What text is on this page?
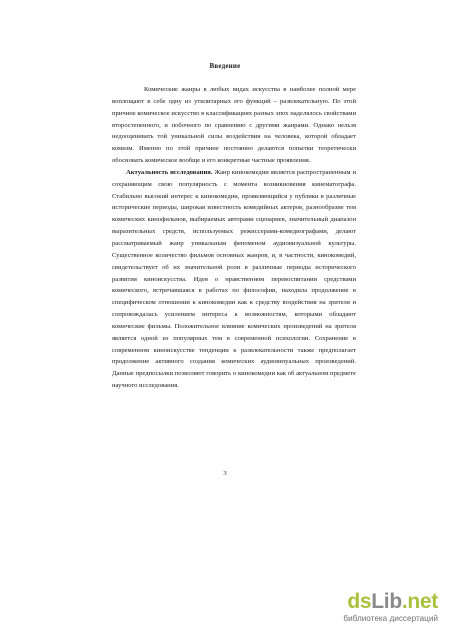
Введение

Комические жанры в любых видах искусства в наиболее полной мере воплощают в себе одну из утилитарных его функций – развлекательную. По этой причине комическое искусство в классификациях разных эпох наделялось свойствами второстепенного, и побочного по сравнению с другими жанрами. Однако нельзя недооценивать той уникальной силы воздействия на человека, которой обладает комизм. Именно по этой причине постоянно делаются попытки теоретически обосновать комическое вообще и его конкретные частные проявления.

Актуальность исследования. Жанр кинокомедии является распространенным и сохраняющим свою популярность с момента возникновения кинематографа. Стабильно высокий интерес к кинокомедии, проявляющийся у публики в различные исторические периоды, широкая известность комедийных актеров, разнообразие тем комических кинофильмов, выбираемых авторами сценариев, значительный диапазон выразительных средств, используемых режиссерами-комедиографами, делают рассматриваемый жанр уникальным феноменом аудиовизуальной культуры. Существенное количество фильмов основных жанров, и, в частности, кинокомедий, свидетельствует об их значительной роли в различные периоды исторического развития киноискусства. Идея о нравственном перевоспитании средствами комического, встречавшаяся в работах по философии, находила продолжение в специфическом отношении к кинокомедии как к средству воздействия на зрителя и сопровождалась усилением интереса к возможностям, которыми обладают комические фильмы. Положительное влияние комических произведений на зрителя является одной из популярных тем в современной психологии. Сохранение в современном киноискусстве тенденции к развлекательности также предполагает продолжение активного создания комических аудиовизуальных произведений. Данные предпосылки позволяют говорить о кинокомедии как об актуальном предмете научного исследования.

3
dsLib.net
библиотека диссертаций
